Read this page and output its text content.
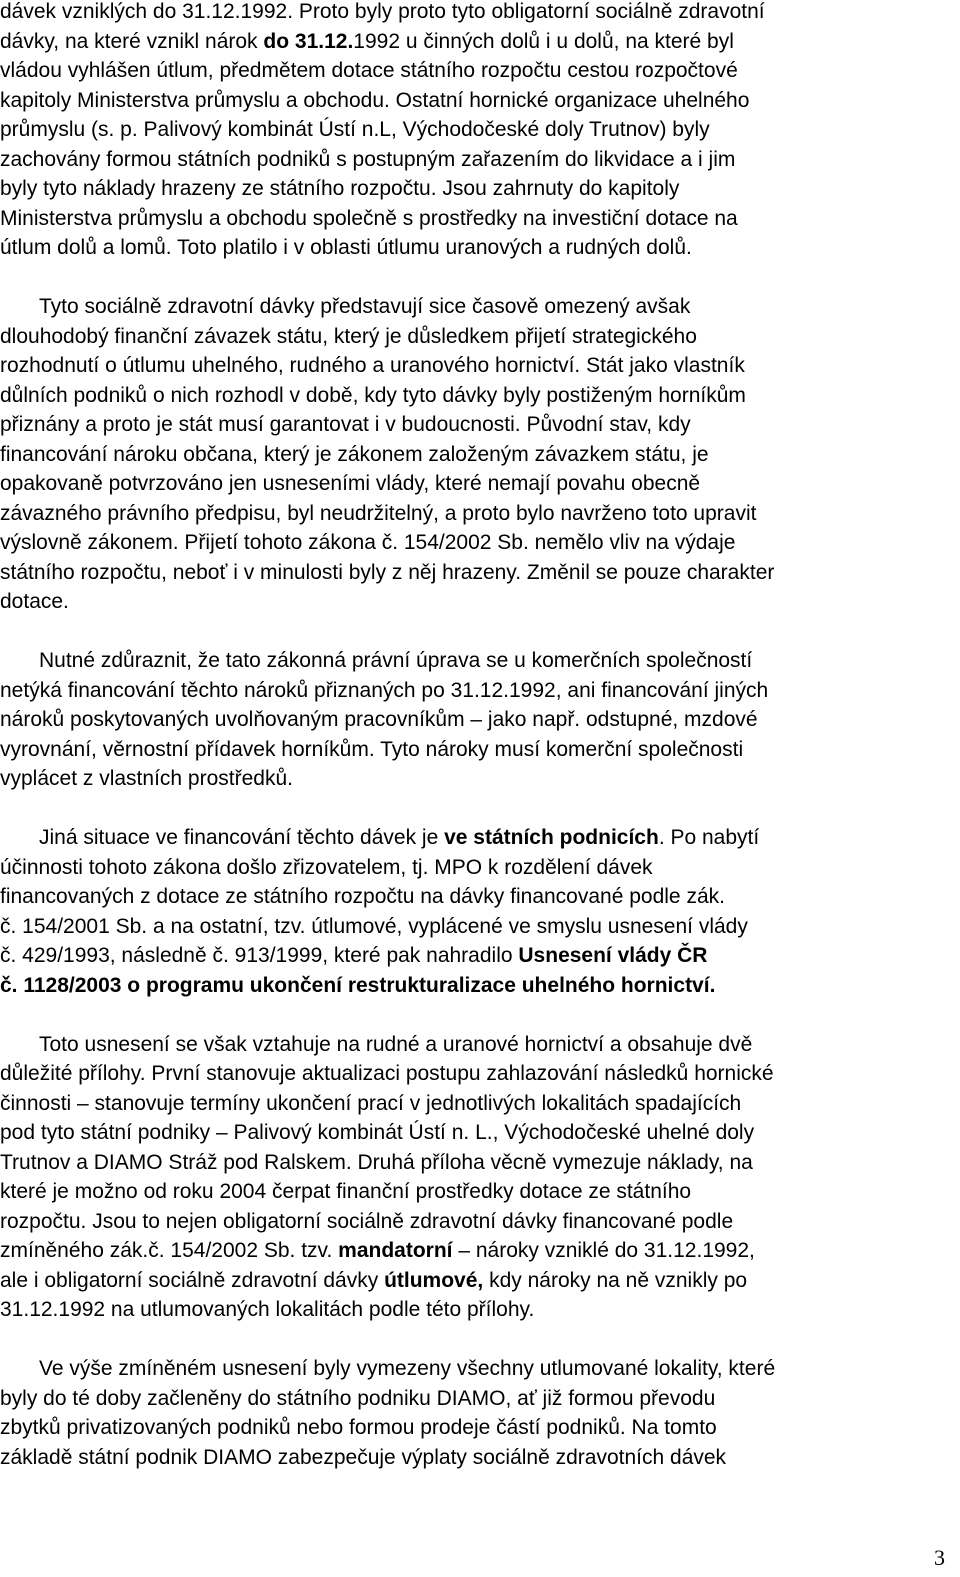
dávek vzniklých do 31.12.1992. Proto byly proto tyto obligatorní sociálně zdravotní

dávky, na které vznikl nárok do 31.12.1992 u činných dolů i u dolů, na které byl

vládou vyhlášen útlum, předmětem dotace státního rozpočtu cestou rozpočtové

kapitoly Ministerstva průmyslu a obchodu. Ostatní hornické organizace uhelného

průmyslu (s. p. Palivový kombinát Ústí n.L, Východočeské doly Trutnov) byly

zachovány formou státních podniků s postupným zařazením do likvidace a i jim

byly tyto náklady hrazeny ze státního rozpočtu. Jsou zahrnuty do kapitoly

Ministerstva průmyslu a obchodu společně s prostředky na investiční dotace na

útlum dolů a lomů. Toto platilo i v oblasti útlumu uranových a rudných dolů.

Tyto sociálně zdravotní dávky představují sice časově omezený avšak

dlouhodobý finanční závazek státu, který je důsledkem přijetí strategického

rozhodnutí o útlumu uhelného, rudného a uranového hornictví. Stát jako vlastník

důlních podniků o nich rozhodl v době, kdy tyto dávky byly postiženým horníkům

přiznány a proto je stát musí garantovat i v budoucnosti. Původní stav, kdy

financování nároku občana, který je zákonem založeným závazkem státu, je

opakovaně potvrzováno jen usneseními vlády, které nemají povahu obecně

závazného právního předpisu, byl neudržitelný, a proto bylo navrženo toto upravit

výslovně zákonem. Přijetí tohoto zákona č. 154/2002 Sb. nemělo vliv na výdaje

státního rozpočtu, neboť i v minulosti byly z něj hrazeny. Změnil se pouze charakter

dotace.

Nutné zdůraznit, že tato zákonná právní úprava se u komerčních společností

netýká financování těchto nároků přiznaných po 31.12.1992, ani financování jiných

nároků poskytovaných uvolňovaným pracovníkům – jako např. odstupné, mzdové

vyrovnání, věrnostní přídavek horníkům. Tyto nároky musí komerční společnosti

vyplácet z vlastních prostředků.

Jiná situace ve financování těchto dávek je ve státních podnicích. Po nabytí

účinnosti tohoto zákona došlo zřizovatelem, tj. MPO k rozdělení dávek

financovaných z dotace ze státního rozpočtu na dávky financované podle zák.

č. 154/2001 Sb. a na ostatní, tzv. útlumové, vyplácené ve smyslu usnesení vlády

č. 429/1993, následně č. 913/1999, které pak nahradilo Usnesení vlády ČR

č. 1128/2003 o programu ukončení restrukturalizace uhelného hornictví.

Toto usnesení se však vztahuje na rudné a uranové hornictví a obsahuje dvě

důležité přílohy. První stanovuje aktualizaci postupu zahlazování následků hornické

činnosti – stanovuje termíny ukončení prací v jednotlivých lokalitách spadajících

pod tyto státní podniky – Palivový kombinát Ústí n. L., Východočeské uhelné doly

Trutnov a DIAMO Stráž pod Ralskem. Druhá příloha věcně vymezuje náklady, na

které je možno od roku 2004 čerpat finanční prostředky dotace ze státního

rozpočtu. Jsou to nejen obligatorní sociálně zdravotní dávky financované podle

zmíněného zák.č. 154/2002 Sb. tzv. mandatorní – nároky vzniklé do 31.12.1992,

ale i obligatorní sociálně zdravotní dávky útlumové, kdy nároky na ně vznikly po

31.12.1992 na utlumovaných lokalitách podle této přílohy.

Ve výše zmíněném usnesení byly vymezeny všechny utlumované lokality, které

byly do té doby začleněny do státního podniku DIAMO, ať již formou převodu

zbytků privatizovaných podniků nebo formou prodeje částí podniků. Na tomto

základě státní podnik DIAMO zabezpečuje výplaty sociálně zdravotních dávek

3
